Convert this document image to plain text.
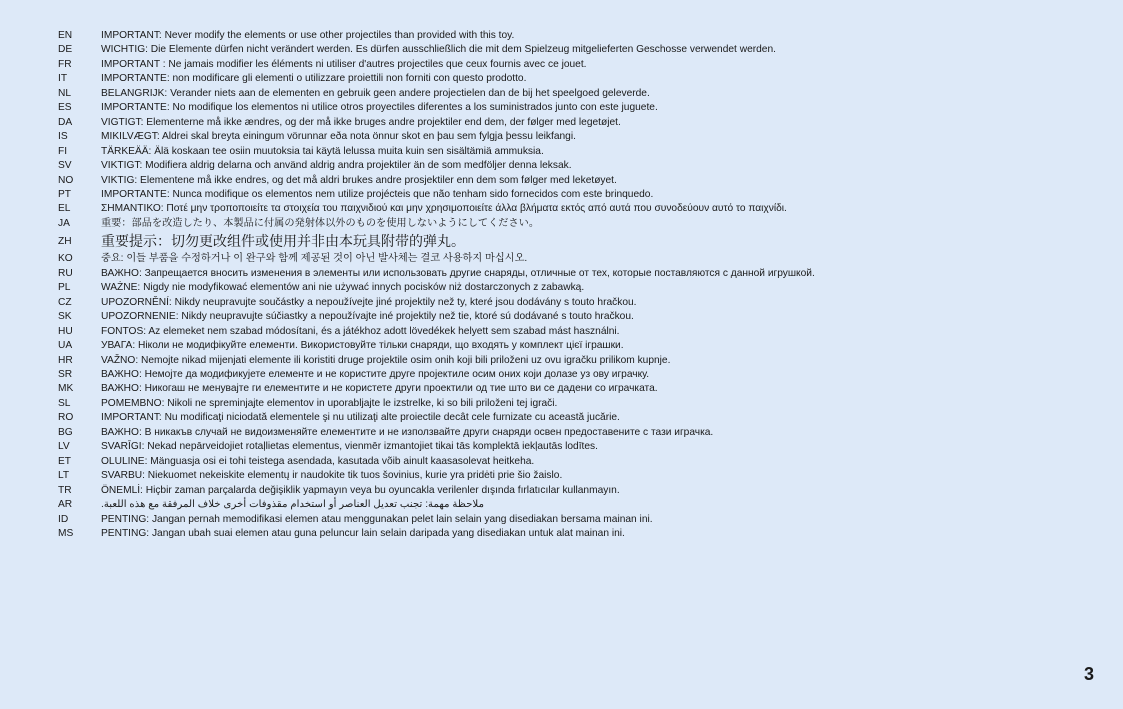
EN	IMPORTANT: Never modify the elements or use other projectiles than provided with this toy.
DE	WICHTIG: Die Elemente dürfen nicht verändert werden. Es dürfen ausschließlich die mit dem Spielzeug mitgelieferten Geschosse verwendet werden.
FR	IMPORTANT : Ne jamais modifier les éléments ni utiliser d'autres projectiles que ceux fournis avec ce jouet.
IT	IMPORTANTE: non modificare gli elementi o utilizzare proiettili non forniti con questo prodotto.
NL	BELANGRIJK: Verander niets aan de elementen en gebruik geen andere projectielen dan de bij het speelgoed geleverde.
ES	IMPORTANTE: No modifique los elementos ni utilice otros proyectiles diferentes a los suministrados junto con este juguete.
DA	VIGTIGT: Elementerne må ikke ændres, og der må ikke bruges andre projektiler end dem, der følger med legetøjet.
IS	MIKILVÆGT: Aldrei skal breyta einingum vörunnar eða nota önnur skot en þau sem fylgja þessu leikfangi.
FI	TÄRKEÄÄ: Älä koskaan tee osiin muutoksia tai käytä lelussa muita kuin sen sisältämiä ammuksia.
SV	VIKTIGT: Modifiera aldrig delarna och använd aldrig andra projektiler än de som medföljer denna leksak.
NO	VIKTIG: Elementene må ikke endres, og det må aldri brukes andre prosjektiler enn dem som følger med leketøyet.
PT	IMPORTANTE: Nunca modifique os elementos nem utilize projécteis que não tenham sido fornecidos com este brinquedo.
EL	ΣΗΜΑΝΤΙΚΟ: Ποτέ μην τροποποιείτε τα στοιχεία του παιχνιδιού και μην χρησιμοποιείτε άλλα βλήματα εκτός από αυτά που συνοδεύουν αυτό το παιχνίδι.
JA	重要：部品を改造したり、本製品に付属の発射体以外のものを使用しないようにしてください。
ZH	重要提示：切勿更改组件或使用并非由本玩具附带的弹丸。
KO	중요: 이들 부품을 수정하거나 이 완구와 함께 제공된 것이 아닌 발사체는 결코 사용하지 마십시오.
RU	ВАЖНО: Запрещается вносить изменения в элементы или использовать другие снаряды, отличные от тех, которые поставляются с данной игрушкой.
PL	WAŻNE: Nigdy nie modyfikować elementów ani nie używać innych pocisków niż dostarczonych z zabawką.
CZ	UPOZORNĚNÍ: Nikdy neupravujte součástky a nepoužívejte jiné projektily než ty, které jsou dodávány s touto hračkou.
SK	UPOZORNENIE: Nikdy neupravujte súčiastky a nepoužívajte iné projektily než tie, ktoré sú dodávané s touto hračkou.
HU	FONTOS: Az elemeket nem szabad módosítani, és a játékhoz adott lövedékek helyett sem szabad mást használni.
UA	УВАГА: Ніколи не модифікуйте елементи. Використовуйте тільки снаряди, що входять у комплект цієї іграшки.
HR	VAŽNO: Nemojte nikad mijenjati elemente ili koristiti druge projektile osim onih koji bili priloženi uz ovu igračku prilikom kupnje.
SR	ВАЖНО: Немојте да модификујете елементе и не користите друге пројектиле осим оних који долазе уз ову играчку.
MK	ВАЖНО: Никогаш не менувајте ги елементите и не користете други проектили од тие што ви се дадени со играчката.
SL	POMEMBNO: Nikoli ne spreminjajte elementov in uporabljajte le izstrelke, ki so bili priloženi tej igrači.
RO	IMPORTANT: Nu modificaţi niciodată elementele şi nu utilizaţi alte proiectile decât cele furnizate cu această jucărie.
BG	ВАЖНО: В никакъв случай не видоизменяйте елементите и не използвайте други снаряди освен предоставените с тази играчка.
LV	SVARĪGI: Nekad nepārveidojiet rotaļlietas elementus, vienmēr izmantojiet tikai tās komplektā iekļautās lodītes.
ET	OLULINE: Mänguasja osi ei tohi teistega asendada, kasutada võib ainult kaasasolevat heitkeha.
LT	SVARBU: Niekuomet nekeiskite elementų ir naudokite tik tuos šovinius, kurie yra pridėti prie šio žaislo.
TR	ÖNEMLİ: Hiçbir zaman parçalarda değişiklik yapmayın veya bu oyuncakla verilenler dışında fırlatıcılar kullanmayın.
AR	ملاحظة مهمة: تجنب تعديل العناصر أو استخدام مقذوفات أخرى خلاف المرفقة مع هذه اللعبة.
ID	PENTING: Jangan pernah memodifikasi elemen atau menggunakan pelet lain selain yang disediakan bersama mainan ini.
MS	PENTING: Jangan ubah suai elemen atau guna peluncur lain selain daripada yang disediakan untuk alat mainan ini.
3
